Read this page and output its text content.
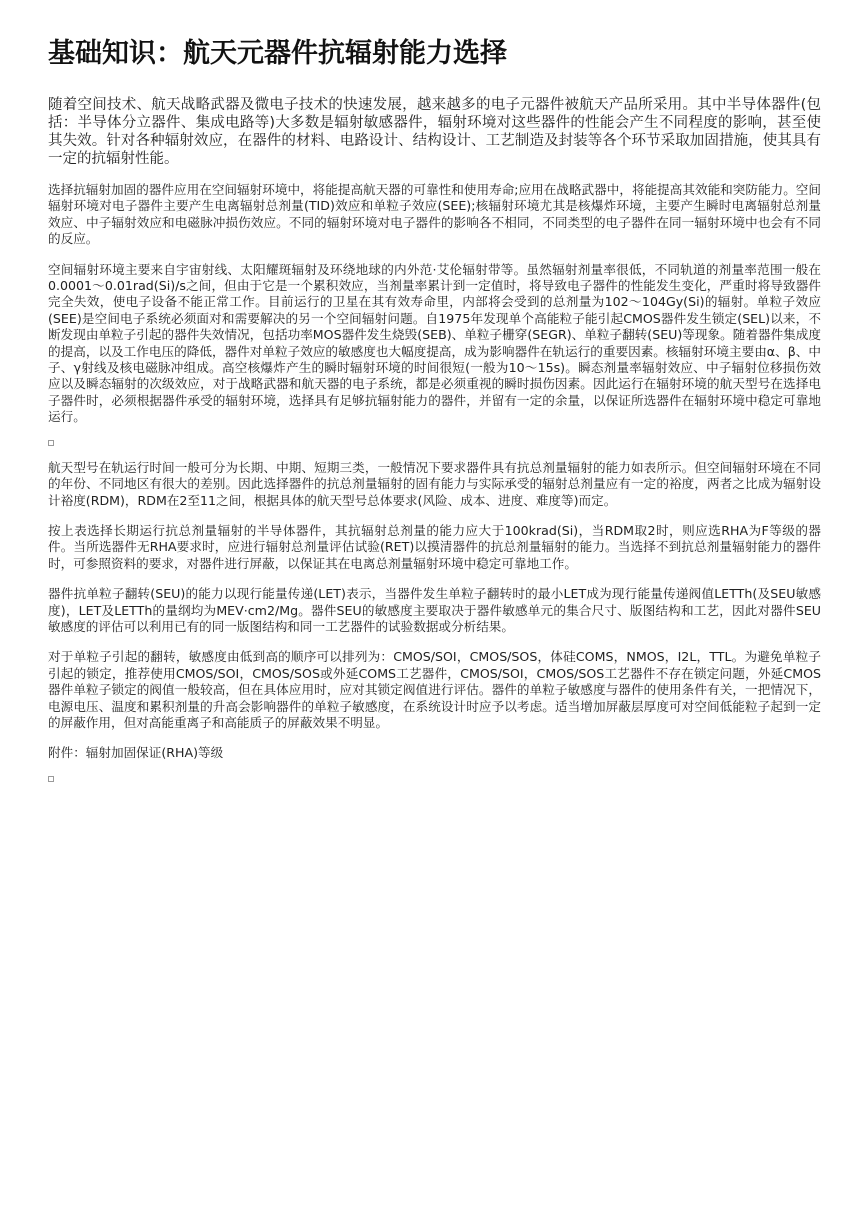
基础知识：航天元器件抗辐射能力选择

随着空间技术、航天战略武器及微电子技术的快速发展，越来越多的电子元器件被航天产品所采用。其中半导体器件(包括：半导体分立器件、集成电路等)大多数是辐射敏感器件，辐射环境对这些器件的性能会产生不同程度的影响，甚至使其失效。针对各种辐射效应，在器件的材料、电路设计、结构设计、工艺制造及封装等各个环节采取加固措施，使其具有一定的抗辐射性能。

选择抗辐射加固的器件应用在空间辐射环境中，将能提高航天器的可靠性和使用寿命;应用在战略武器中，将能提高其效能和突防能力。空间辐射环境对电子器件主要产生电离辐射总剂量(TID)效应和单粒子效应(SEE);核辐射环境尤其是核爆炸环境，主要产生瞬时电离辐射总剂量效应、中子辐射效应和电磁脉冲损伤效应。不同的辐射环境对电子器件的影响各不相同，不同类型的电子器件在同一辐射环境中也会有不同的反应。

空间辐射环境主要来自宇宙射线、太阳耀斑辐射及环绕地球的内外范·艾伦辐射带等。虽然辐射剂量率很低，不同轨道的剂量率范围一般在0.0001～0.01rad(Si)/s之间，但由于它是一个累积效应，当剂量率累计到一定值时，将导致电子器件的性能发生变化，严重时将导致器件完全失效，使电子设备不能正常工作。目前运行的卫星在其有效寿命里，内部将会受到的总剂量为102～104Gy(Si)的辐射。单粒子效应(SEE)是空间电子系统必须面对和需要解决的另一个空间辐射问题。自1975年发现单个高能粒子能引起CMOS器件发生锁定(SEL)以来，不断发现由单粒子引起的器件失效情况，包括功率MOS器件发生烧毁(SEB)、单粒子栅穿(SEGR)、单粒子翻转(SEU)等现象。随着器件集成度的提高，以及工作电压的降低，器件对单粒子效应的敏感度也大幅度提高，成为影响器件在轨运行的重要因素。核辐射环境主要由α、β、中子、γ射线及核电磁脉冲组成。高空核爆炸产生的瞬时辐射环境的时间很短(一般为10～15s)。瞬态剂量率辐射效应、中子辐射位移损伤效应以及瞬态辐射的次级效应，对于战略武器和航天器的电子系统，都是必须重视的瞬时损伤因素。因此运行在辐射环境的航天型号在选择电子器件时，必须根据器件承受的辐射环境，选择具有足够抗辐射能力的器件，并留有一定的余量，以保证所选器件在辐射环境中稳定可靠地运行。

航天型号在轨运行时间一般可分为长期、中期、短期三类，一般情况下要求器件具有抗总剂量辐射的能力如表所示。但空间辐射环境在不同的年份、不同地区有很大的差别。因此选择器件的抗总剂量辐射的固有能力与实际承受的辐射总剂量应有一定的裕度，两者之比成为辐射设计裕度(RDM)，RDM在2至11之间，根据具体的航天型号总体要求(风险、成本、进度、难度等)而定。

按上表选择长期运行抗总剂量辐射的半导体器件，其抗辐射总剂量的能力应大于100krad(Si)，当RDM取2时，则应选RHA为F等级的器件。当所选器件无RHA要求时，应进行辐射总剂量评估试验(RET)以摸清器件的抗总剂量辐射的能力。当选择不到抗总剂量辐射能力的器件时，可参照资料的要求，对器件进行屏蔽，以保证其在电离总剂量辐射环境中稳定可靠地工作。

器件抗单粒子翻转(SEU)的能力以现行能量传递(LET)表示，当器件发生单粒子翻转时的最小LET成为现行能量传递阀值LETTh(及SEU敏感度)，LET及LETTh的量纲均为MEV·cm2/Mg。器件SEU的敏感度主要取决于器件敏感单元的集合尺寸、版图结构和工艺，因此对器件SEU敏感度的评估可以利用已有的同一版图结构和同一工艺器件的试验数据或分析结果。

对于单粒子引起的翻转，敏感度由低到高的顺序可以排列为：CMOS/SOI，CMOS/SOS，体硅COMS，NMOS，I2L，TTL。为避免单粒子引起的锁定，推荐使用CMOS/SOI，CMOS/SOS或外延COMS工艺器件，CMOS/SOI，CMOS/SOS工艺器件不存在锁定问题，外延CMOS器件单粒子锁定的阀值一般较高，但在具体应用时，应对其锁定阀值进行评估。器件的单粒子敏感度与器件的使用条件有关，一把情况下，电源电压、温度和累积剂量的升高会影响器件的单粒子敏感度，在系统设计时应予以考虑。适当增加屏蔽层厚度可对空间低能粒子起到一定的屏蔽作用，但对高能重离子和高能质子的屏蔽效果不明显。

附件：辐射加固保证(RHA)等级
